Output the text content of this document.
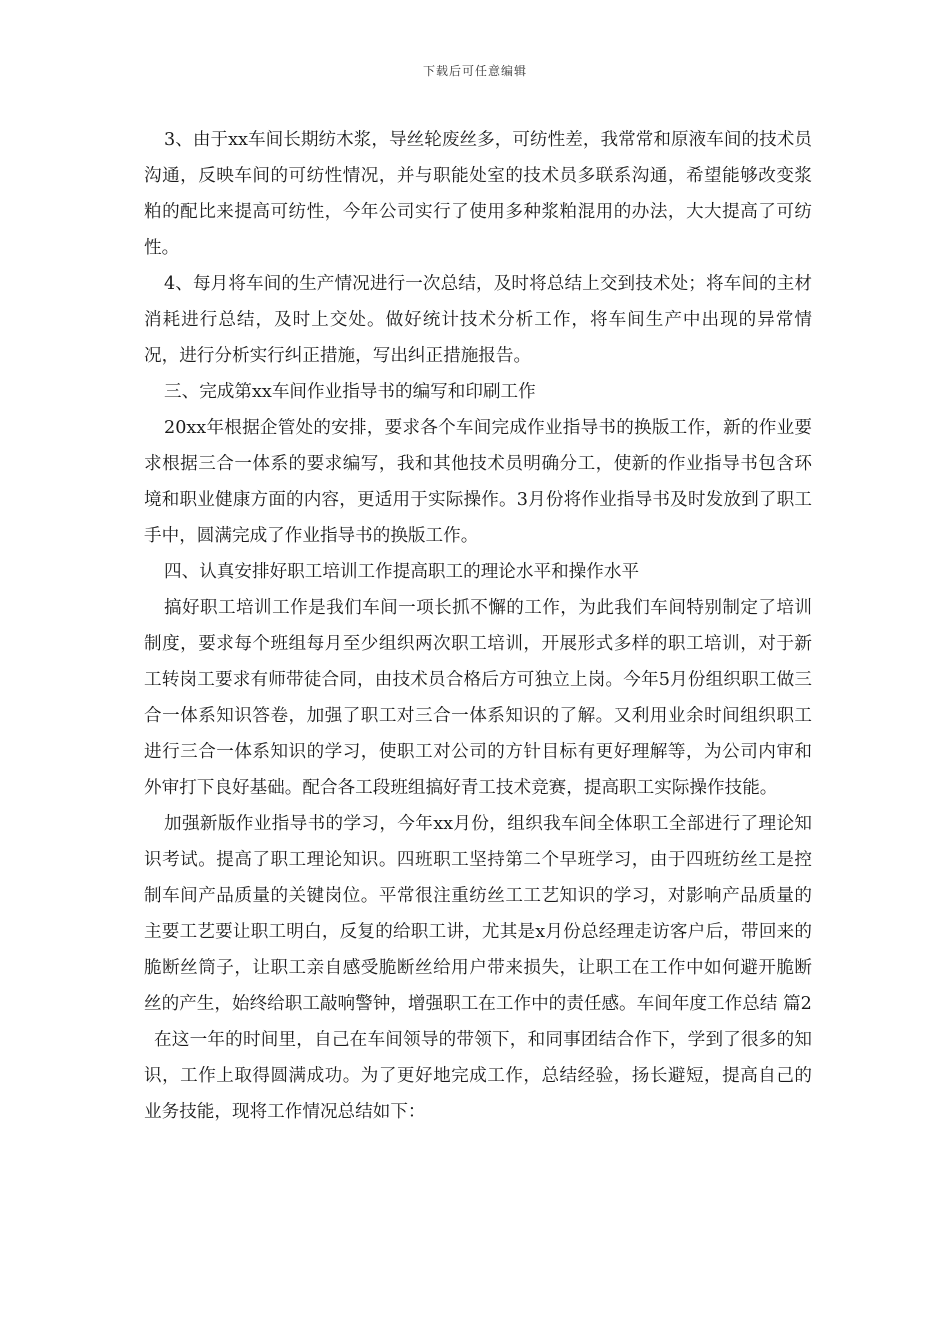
下载后可任意编辑

3、由于xx车间长期纺木浆，导丝轮废丝多，可纺性差，我常常和原液车间的技术员沟通，反映车间的可纺性情况，并与职能处室的技术员多联系沟通，希望能够改变浆粕的配比来提高可纺性，今年公司实行了使用多种浆粕混用的办法，大大提高了可纺性。

4、每月将车间的生产情况进行一次总结，及时将总结上交到技术处；将车间的主材消耗进行总结，及时上交处。做好统计技术分析工作，将车间生产中出现的异常情况，进行分析实行纠正措施，写出纠正措施报告。

三、完成第xx车间作业指导书的编写和印刷工作

20xx年根据企管处的安排，要求各个车间完成作业指导书的换版工作，新的作业要求根据三合一体系的要求编写，我和其他技术员明确分工，使新的作业指导书包含环境和职业健康方面的内容，更适用于实际操作。3月份将作业指导书及时发放到了职工手中，圆满完成了作业指导书的换版工作。

四、认真安排好职工培训工作提高职工的理论水平和操作水平

搞好职工培训工作是我们车间一项长抓不懈的工作，为此我们车间特别制定了培训制度，要求每个班组每月至少组织两次职工培训，开展形式多样的职工培训，对于新工转岗工要求有师带徒合同，由技术员合格后方可独立上岗。今年5月份组织职工做三合一体系知识答卷，加强了职工对三合一体系知识的了解。又利用业余时间组织职工进行三合一体系知识的学习，使职工对公司的方针目标有更好理解等，为公司内审和外审打下良好基础。配合各工段班组搞好青工技术竞赛，提高职工实际操作技能。

加强新版作业指导书的学习，今年xx月份，组织我车间全体职工全部进行了理论知识考试。提高了职工理论知识。四班职工坚持第二个早班学习，由于四班纺丝工是控制车间产品质量的关键岗位。平常很注重纺丝工工艺知识的学习，对影响产品质量的主要工艺要让职工明白，反复的给职工讲，尤其是x月份总经理走访客户后，带回来的脆断丝筒子，让职工亲自感受脆断丝给用户带来损失，让职工在工作中如何避开脆断丝的产生，始终给职工敲响警钟，增强职工在工作中的责任感。车间年度工作总结 篇2

在这一年的时间里，自己在车间领导的带领下，和同事团结合作下，学到了很多的知识，工作上取得圆满成功。为了更好地完成工作，总结经验，扬长避短，提高自己的业务技能，现将工作情况总结如下：
